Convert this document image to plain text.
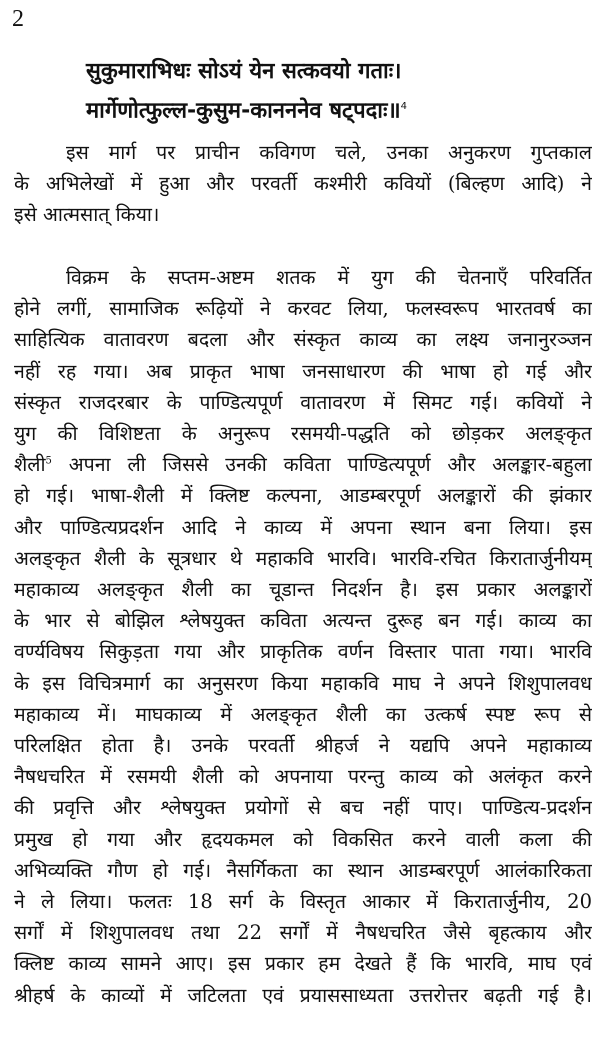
2
सुकुमाराभिधः सोऽयं येन सत्कवयो गताः।
मार्गेणोत्फुल्ल-कुसुम-कानननेव षट्पदाः॥$^4$
इस मार्ग पर प्राचीन कविगण चले, उनका अनुकरण गुप्तकाल
के अभिलेखों में हुआ और परवर्ती कश्मीरी कवियों (बिल्हण आदि) ने
इसे आत्मसात् किया।
विक्रम के सप्तम-अष्टम शतक में युग की चेतनाएँ परिवर्तित
होने लगीं, सामाजिक रूढ़ियों ने करवट लिया, फलस्वरूप भारतवर्ष का
साहित्यिक वातावरण बदला और संस्कृत काव्य का लक्ष्य जनानुरञ्जन
नहीं रह गया। अब प्राकृत भाषा जनसाधारण की भाषा हो गई और
संस्कृत राजदरबार के पाण्डित्यपूर्ण वातावरण में सिमट गई। कवियों ने
युग की विशिष्टता के अनुरूप रसमयी-पद्धति को छोड़कर अलङ्कृत
शैली$^5$ अपना ली जिससे उनकी कविता पाण्डित्यपूर्ण और अलङ्कार-बहुला
हो गई। भाषा-शैली में क्लिष्ट कल्पना, आडम्बरपूर्ण अलङ्कारों की झंकार
और पाण्डित्यप्रदर्शन आदि ने काव्य में अपना स्थान बना लिया। इस
अलङ्कृत शैली के सूत्रधार थे महाकवि भारवि। भारवि-रचित किरातार्जुनीयम्
महाकाव्य अलङ्कृत शैली का चूडान्त निदर्शन है। इस प्रकार अलङ्कारों
के भार से बोझिल श्लेषयुक्त कविता अत्यन्त दुरूह बन गई। काव्य का
वर्ण्यविषय सिकुड़ता गया और प्राकृतिक वर्णन विस्तार पाता गया। भारवि
के इस विचित्रमार्ग का अनुसरण किया महाकवि माघ ने अपने शिशुपालवध
महाकाव्य में। माघकाव्य में अलङ्कृत शैली का उत्कर्ष स्पष्ट रूप से
परिलक्षित होता है। उनके परवर्ती श्रीहर्ज ने यद्यपि अपने महाकाव्य
नैषधचरित में रसमयी शैली को अपनाया परन्तु काव्य को अलंकृत करने
की प्रवृत्ति और श्लेषयुक्त प्रयोगों से बच नहीं पाए। पाण्डित्य-प्रदर्शन
प्रमुख हो गया और हृदयकमल को विकसित करने वाली कला की
अभिव्यक्ति गौण हो गई। नैसर्गिकता का स्थान आडम्बरपूर्ण आलंकारिकता
ने ले लिया। फलतः 18 सर्ग के विस्तृत आकार में किरातार्जुनीय, 20
सर्गों में शिशुपालवध तथा 22 सर्गों में नैषधचरित जैसे बृहत्काय और
क्लिष्ट काव्य सामने आए। इस प्रकार हम देखते हैं कि भारवि, माघ एवं
श्रीहर्ष के काव्यों में जटिलता एवं प्रयाससाध्यता उत्तरोत्तर बढ़ती गई है।
